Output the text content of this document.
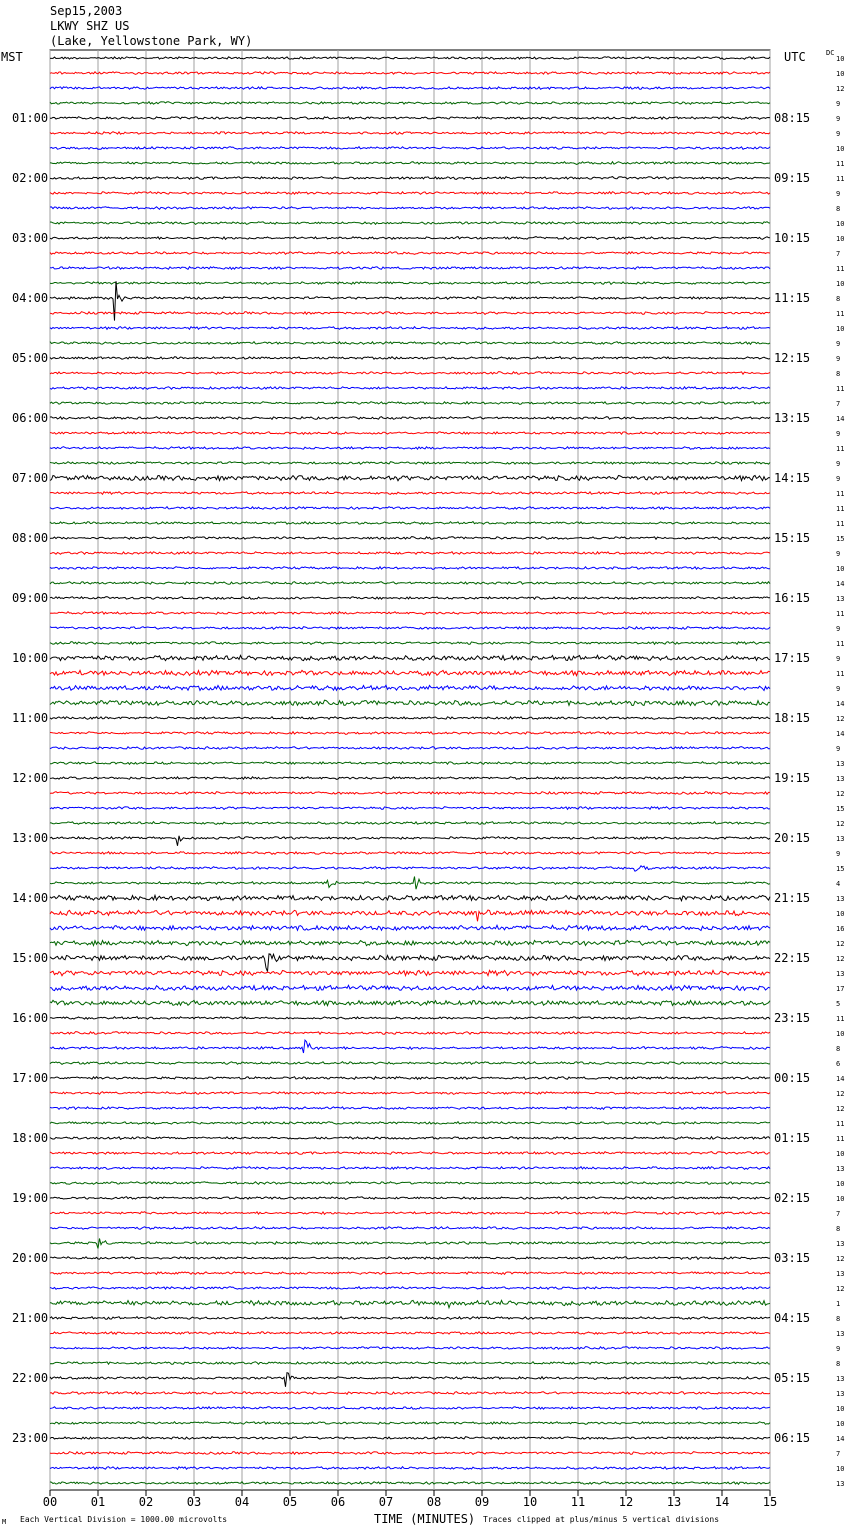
Sep15,2003
LKWY SHZ US
(Lake, Yellowstone Park, WY)
MST	UTC	DC
00	01	02	03	04	05	06	07	08	09	10	11	12	13	14	15
10
10
12
9
9
01:00	08:15
9
10
11
11
02:00	09:15
9
8
10
10
03:00	10:15
7
11
10
8
04:00	11:15
11
10
9
9
05:00	12:15
8
11
7
14
06:00	13:15
9
11
9
9
07:00	14:15
11
11
11
15
08:00	15:15
9
10
14
13
09:00	16:15
11
9
11
9
10:00	17:15
11
9
14
12
11:00	18:15
14
9
13
13
12:00	19:15
12
15
12
13
13:00	20:15
9
15
4
13
14:00	21:15
10
16
12
12
15:00	22:15
13
17
5
11
16:00	23:15
10
8
6
14
17:00	00:15
12
12
11
11
18:00	01:15
10
13
10
10
19:00	02:15
7
8
13
12
20:00	03:15
13
12
1
8
21:00	04:15
13
9
8
13
22:00	05:15
13
10
10
14
23:00	06:15
7
10
13
TIME (MINUTES)
Each Vertical Division = 1000.00 microvolts	Traces clipped at plus/minus 5 vertical divisions
M
